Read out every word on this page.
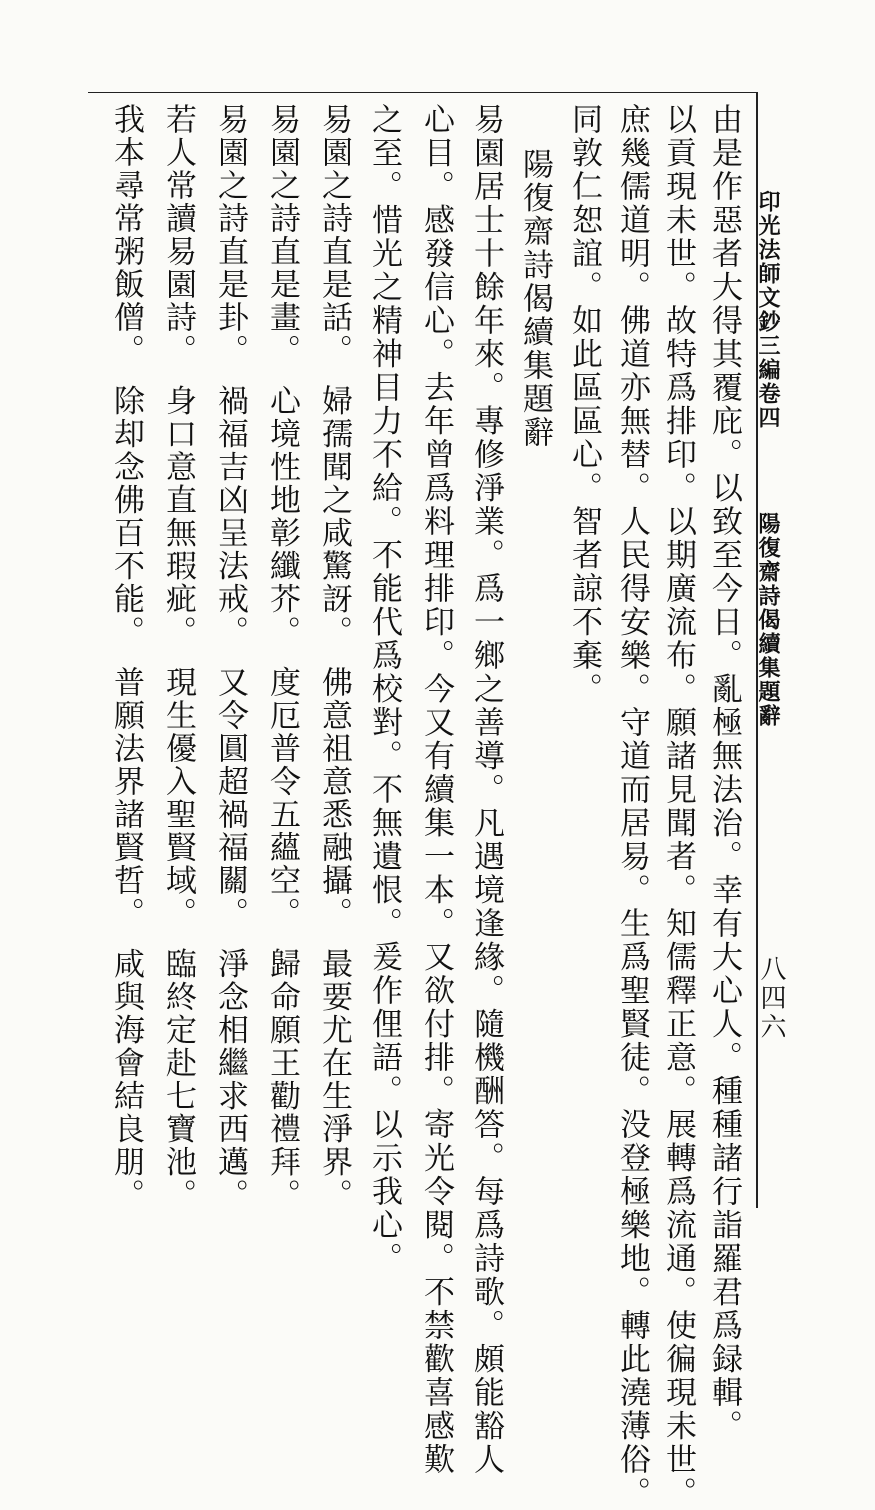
印光法師文鈔三編卷四
陽復齋詩偈續集題辭
八四六
由是作惡者大得其覆庇。以致至今日。亂極無法治。幸有大心人。種種諸行詣羅君爲録輯。
以貢現未世。故特爲排印。以期廣流布。願諸見聞者。知儒釋正意。展轉爲流通。使徧現未世。
庶幾儒道明。佛道亦無替。人民得安樂。守道而居易。生爲聖賢徒。没登極樂地。轉此澆薄俗。
同敦仁恕誼。如此區區心。智者諒不棄。
陽復齋詩偈續集題辭
易園居士十餘年來。專修淨業。爲一鄉之善導。凡遇境逢緣。隨機酬答。每爲詩歌。頗能豁人
心目。感發信心。去年曾爲料理排印。今又有續集一本。又欲付排。寄光令閱。不禁歡喜感歎
之至。惜光之精神目力不給。不能代爲校對。不無遺恨。爰作俚語。以示我心。
易園之詩直是話。　婦孺聞之咸驚訝。　佛意祖意悉融攝。　最要尤在生淨界。
易園之詩直是畫。　心境性地彰纖芥。　度厄普令五蘊空。　歸命願王勸禮拜。
易園之詩直是卦。　禍福吉凶呈法戒。　又令圓超禍福關。　淨念相繼求西邁。
若人常讀易園詩。　身口意直無瑕疵。　現生優入聖賢域。　臨終定赴七寶池。
我本尋常粥飯僧。　除却念佛百不能。　普願法界諸賢哲。　咸與海會結良朋。
